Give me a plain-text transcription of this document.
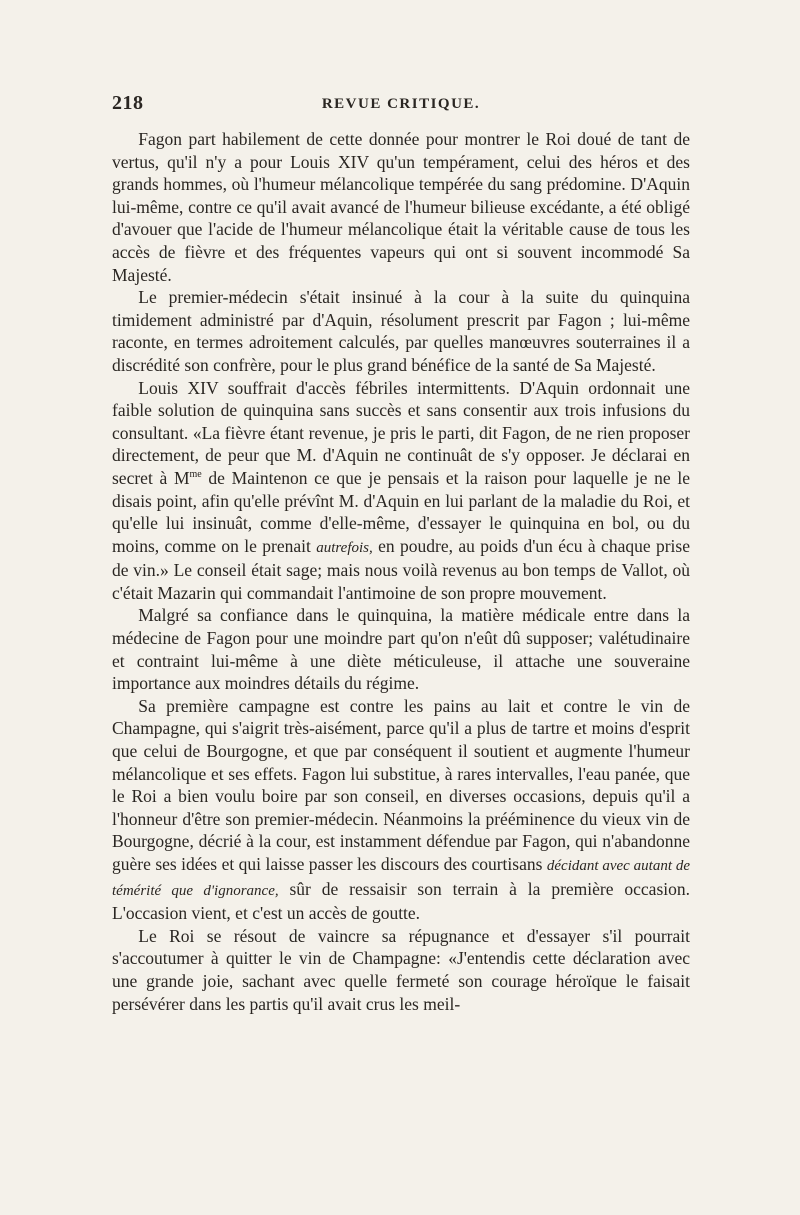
218	REVUE CRITIQUE.

Fagon part habilement de cette donnée pour montrer le Roi doué de tant de vertus, qu'il n'y a pour Louis XIV qu'un tempérament, celui des héros et des grands hommes, où l'humeur mélancolique tempérée du sang prédomine. D'Aquin lui-même, contre ce qu'il avait avancé de l'humeur bilieuse excédante, a été obligé d'avouer que l'acide de l'humeur mélancolique était la véritable cause de tous les accès de fièvre et des fréquentes vapeurs qui ont si souvent incommodé Sa Majesté.

Le premier-médecin s'était insinué à la cour à la suite du quinquina timidement administré par d'Aquin, résolument prescrit par Fagon ; lui-même raconte, en termes adroitement calculés, par quelles manœuvres souterraines il a discrédité son confrère, pour le plus grand bénéfice de la santé de Sa Majesté.

Louis XIV souffrait d'accès fébriles intermittents. D'Aquin ordonnait une faible solution de quinquina sans succès et sans consentir aux trois infusions du consultant. «La fièvre étant revenue, je pris le parti, dit Fagon, de ne rien proposer directement, de peur que M. d'Aquin ne continuât de s'y opposer. Je déclarai en secret à $M^{me}$ de Maintenon ce que je pensais et la raison pour laquelle je ne le disais point, afin qu'elle prévînt M. d'Aquin en lui parlant de la maladie du Roi, et qu'elle lui insinuât, comme d'elle-même, d'essayer le quinquina en bol, ou du moins, comme on le prenait autrefois, en poudre, au poids d'un écu à chaque prise de vin.» Le conseil était sage; mais nous voilà revenus au bon temps de Vallot, où c'était Mazarin qui commandait l'antimoine de son propre mouvement.

Malgré sa confiance dans le quinquina, la matière médicale entre dans la médecine de Fagon pour une moindre part qu'on n'eût dû supposer; valétudinaire et contraint lui-même à une diète méticuleuse, il attache une souveraine importance aux moindres détails du régime.

Sa première campagne est contre les pains au lait et contre le vin de Champagne, qui s'aigrit très-aisément, parce qu'il a plus de tartre et moins d'esprit que celui de Bourgogne, et que par conséquent il soutient et augmente l'humeur mélancolique et ses effets. Fagon lui substitue, à rares intervalles, l'eau panée, que le Roi a bien voulu boire par son conseil, en diverses occasions, depuis qu'il a l'honneur d'être son premier-médecin. Néanmoins la prééminence du vieux vin de Bourgogne, décrié à la cour, est instamment défendue par Fagon, qui n'abandonne guère ses idées et qui laisse passer les discours des courtisans décidant avec autant de témérité que d'ignorance, sûr de ressaisir son terrain à la première occasion. L'occasion vient, et c'est un accès de goutte.

Le Roi se résout de vaincre sa répugnance et d'essayer s'il pourrait s'accoutumer à quitter le vin de Champagne: «J'entendis cette déclaration avec une grande joie, sachant avec quelle fermeté son courage héroïque le faisait persévérer dans les partis qu'il avait crus les meil-
